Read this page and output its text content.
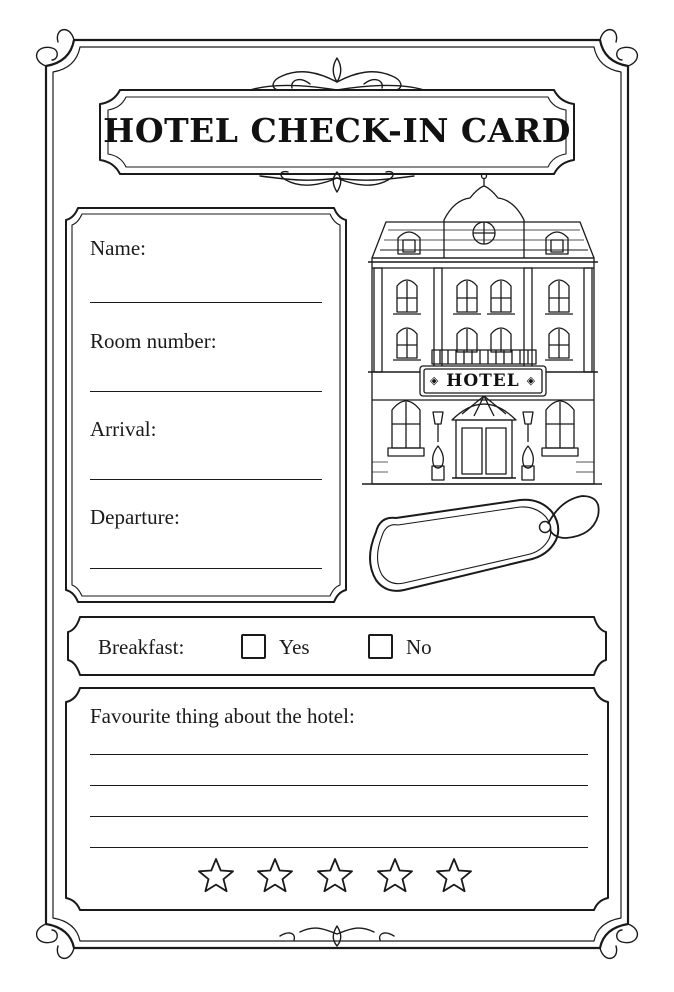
HOTEL CHECK-IN CARD
Name:
Room number:
Arrival:
Departure:
◈ HOTEL ◈
Breakfast:	Yes	No
Favourite thing about the hotel:
